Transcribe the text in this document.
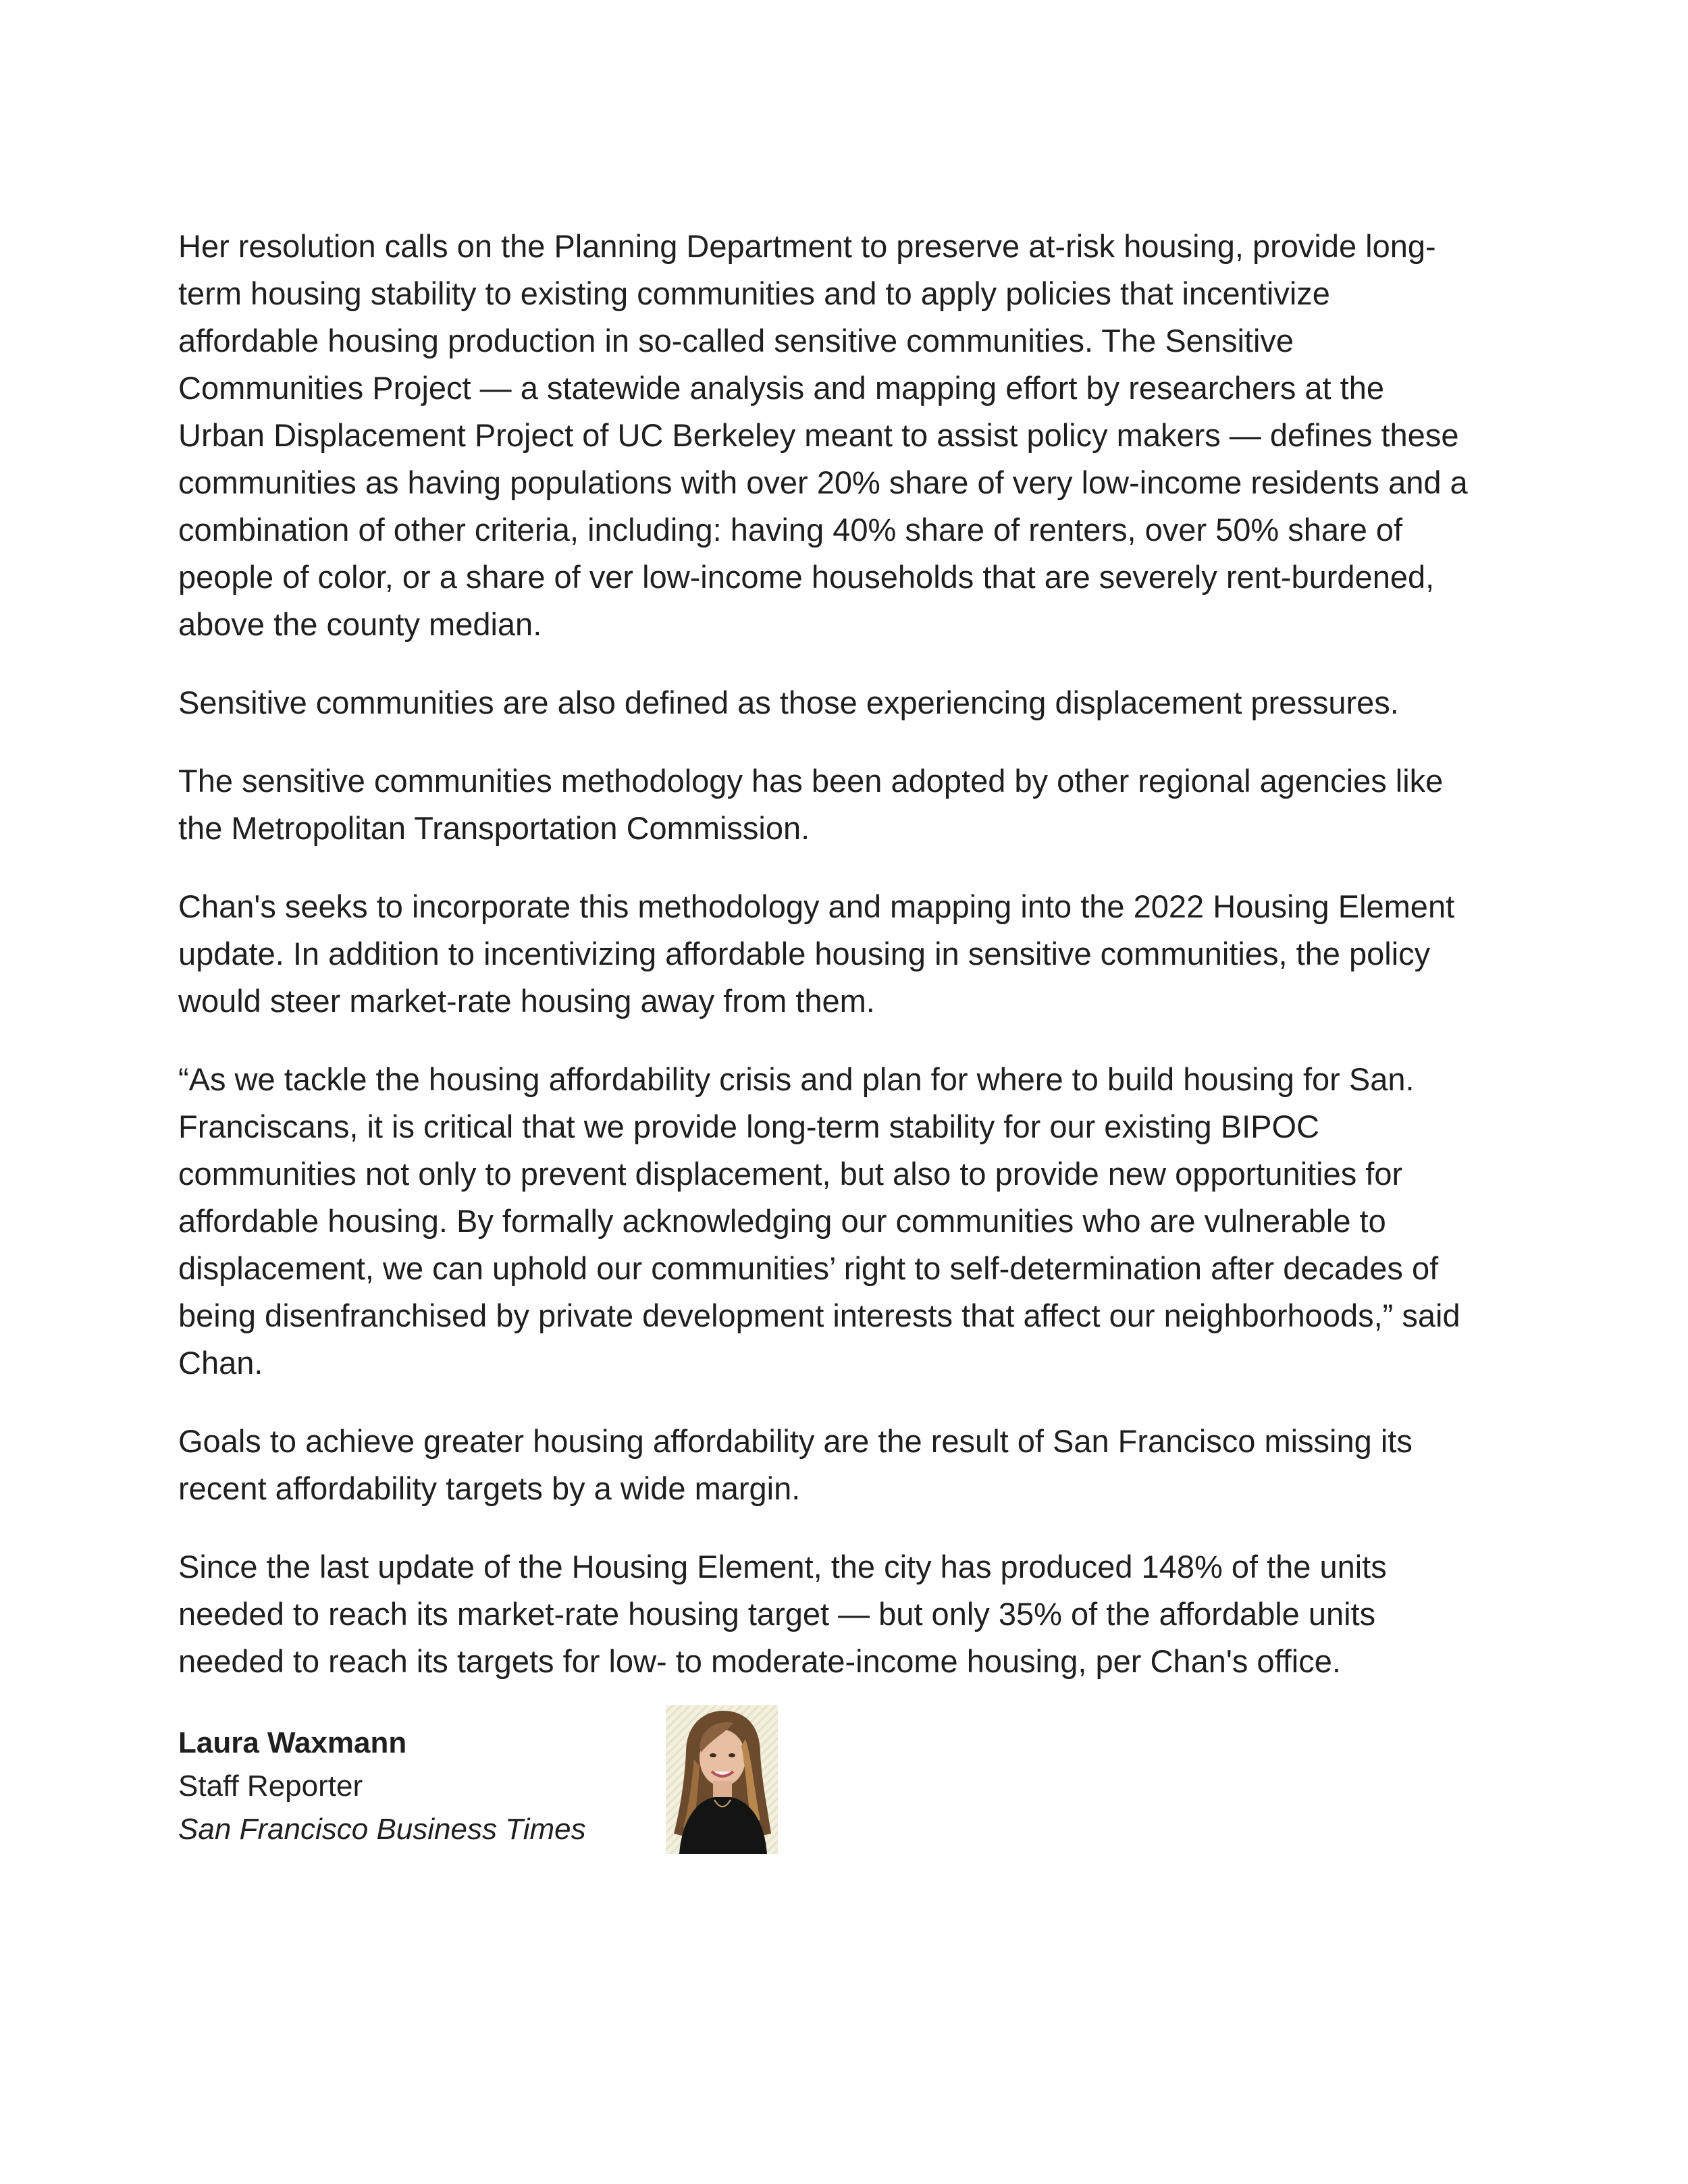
Her resolution calls on the Planning Department to preserve at-risk housing, provide long-term housing stability to existing communities and to apply policies that incentivize affordable housing production in so-called sensitive communities. The Sensitive Communities Project — a statewide analysis and mapping effort by researchers at the Urban Displacement Project of UC Berkeley meant to assist policy makers — defines these communities as having populations with over 20% share of very low-income residents and a combination of other criteria, including: having 40% share of renters, over 50% share of people of color, or a share of ver low-income households that are severely rent-burdened, above the county median.

Sensitive communities are also defined as those experiencing displacement pressures.

The sensitive communities methodology has been adopted by other regional agencies like the Metropolitan Transportation Commission.

Chan's seeks to incorporate this methodology and mapping into the 2022 Housing Element update. In addition to incentivizing affordable housing in sensitive communities, the policy would steer market-rate housing away from them.

“As we tackle the housing affordability crisis and plan for where to build housing for San. Franciscans, it is critical that we provide long-term stability for our existing BIPOC communities not only to prevent displacement, but also to provide new opportunities for affordable housing. By formally acknowledging our communities who are vulnerable to displacement, we can uphold our communities’ right to self-determination after decades of being disenfranchised by private development interests that affect our neighborhoods,” said Chan.

Goals to achieve greater housing affordability are the result of San Francisco missing its recent affordability targets by a wide margin.

Since the last update of the Housing Element, the city has produced 148% of the units needed to reach its market-rate housing target — but only 35% of the affordable units needed to reach its targets for low- to moderate-income housing, per Chan's office.

Laura Waxmann
Staff Reporter
San Francisco Business Times
